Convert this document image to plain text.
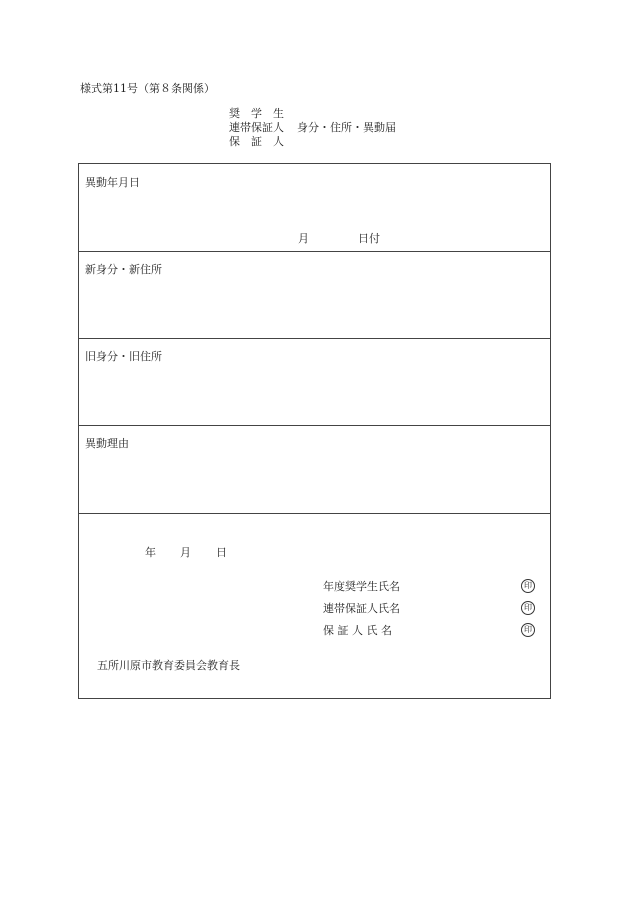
様式第11号（第８条関係）
奨　学　生
連帯保証人	身分・住所・異動届
保　証　人
異動年月日
月	日付
新身分・新住所
旧身分・旧住所
異動理由
年 月 日
年度奨学生氏名	印
連帯保証人氏名	印
保 証 人 氏 名	印
五所川原市教育委員会教育長
